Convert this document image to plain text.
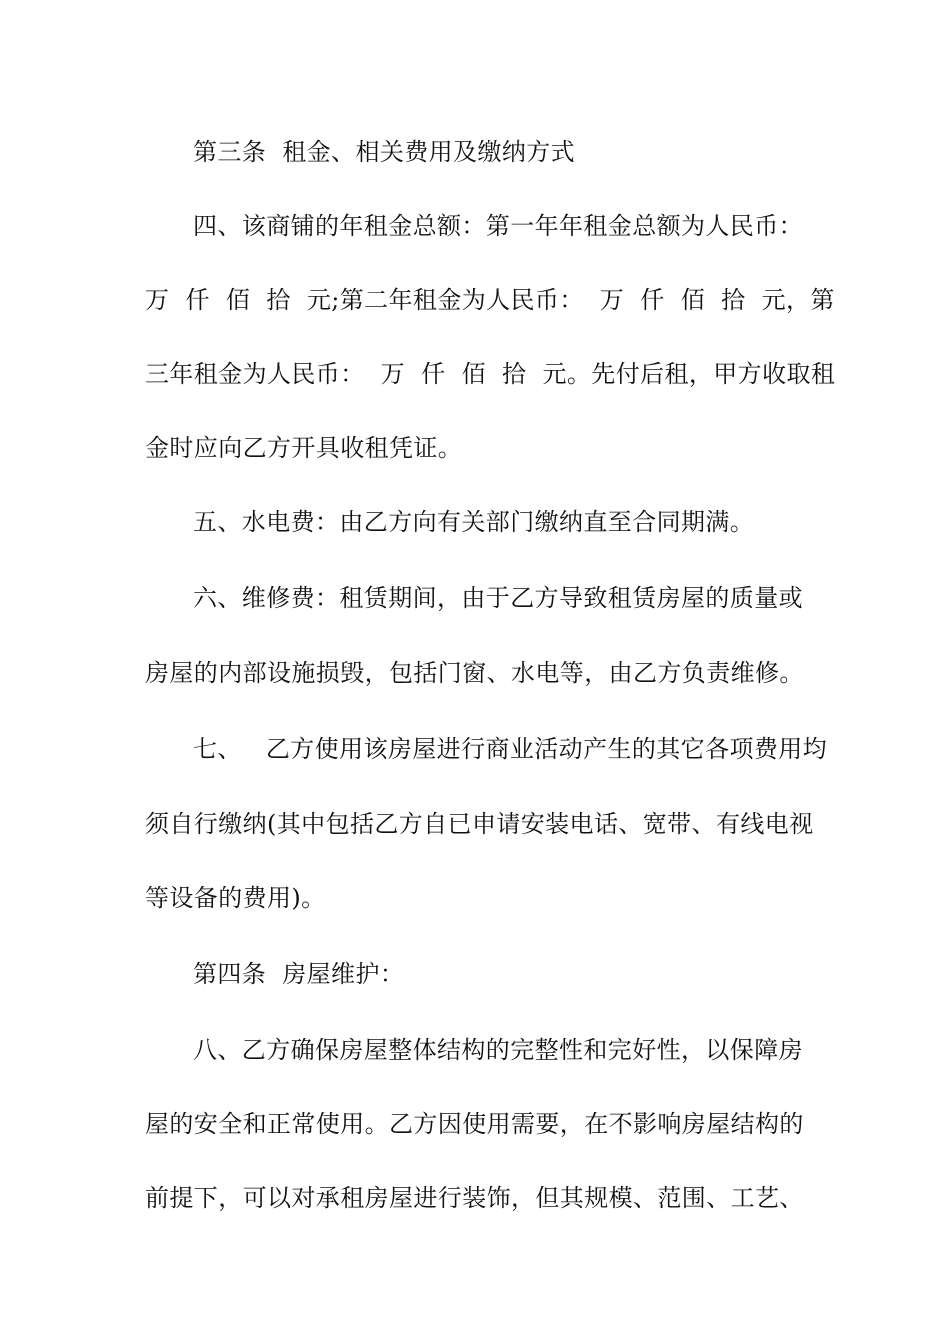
第三条  租金、相关费用及缴纳方式
四、该商铺的年租金总额：第一年年租金总额为人民币：
万  仟  佰  拾  元;第二年租金为人民币：  万  仟  佰  拾  元，第
三年租金为人民币：  万  仟  佰  拾  元。先付后租，甲方收取租
金时应向乙方开具收租凭证。
五、水电费：由乙方向有关部门缴纳直至合同期满。
六、维修费：租赁期间，由于乙方导致租赁房屋的质量或
房屋的内部设施损毁，包括门窗、水电等，由乙方负责维修。
七、   乙方使用该房屋进行商业活动产生的其它各项费用均
须自行缴纳(其中包括乙方自已申请安装电话、宽带、有线电视
等设备的费用)。
第四条  房屋维护：
八、乙方确保房屋整体结构的完整性和完好性，以保障房
屋的安全和正常使用。乙方因使用需要，在不影响房屋结构的
前提下，可以对承租房屋进行装饰，但其规模、范围、工艺、
